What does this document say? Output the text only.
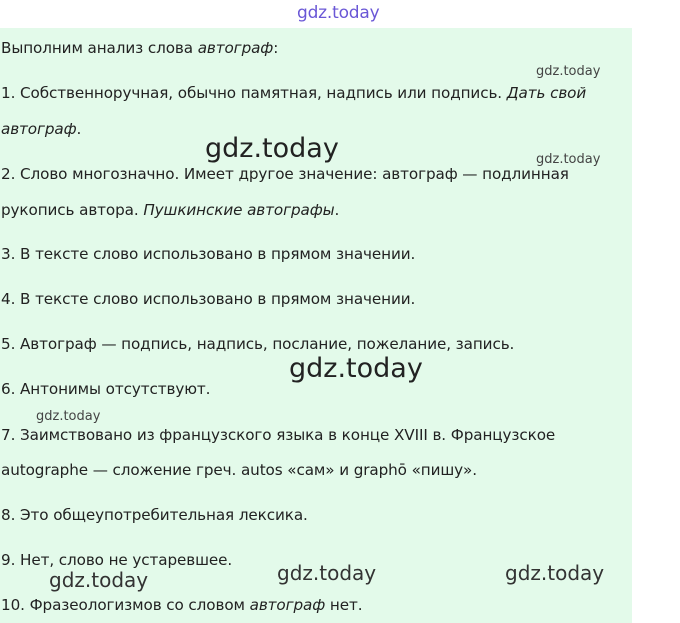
gdz.today
Выполним анализ слова автограф:
1. Собственноручная, обычно памятная, надпись или подпись. Дать свой
автограф.
2. Слово многозначно. Имеет другое значение: автограф — подлинная
рукопись автора. Пушкинские автографы.
3. В тексте слово использовано в прямом значении.
4. В тексте слово использовано в прямом значении.
5. Автограф — подпись, надпись, послание, пожелание, запись.
6. Антонимы отсутствуют.
7. Заимствовано из французского языка в конце XVIII в. Французское
autographe — сложение греч. autos «сам» и graphō «пишу».
8. Это общеупотребительная лексика.
9. Нет, слово не устаревшее.
10. Фразеологизмов со словом автограф нет.
gdz.today
gdz.today	gdz.today
gdz.today
gdz.today
gdz.today	gdz.today	gdz.today
